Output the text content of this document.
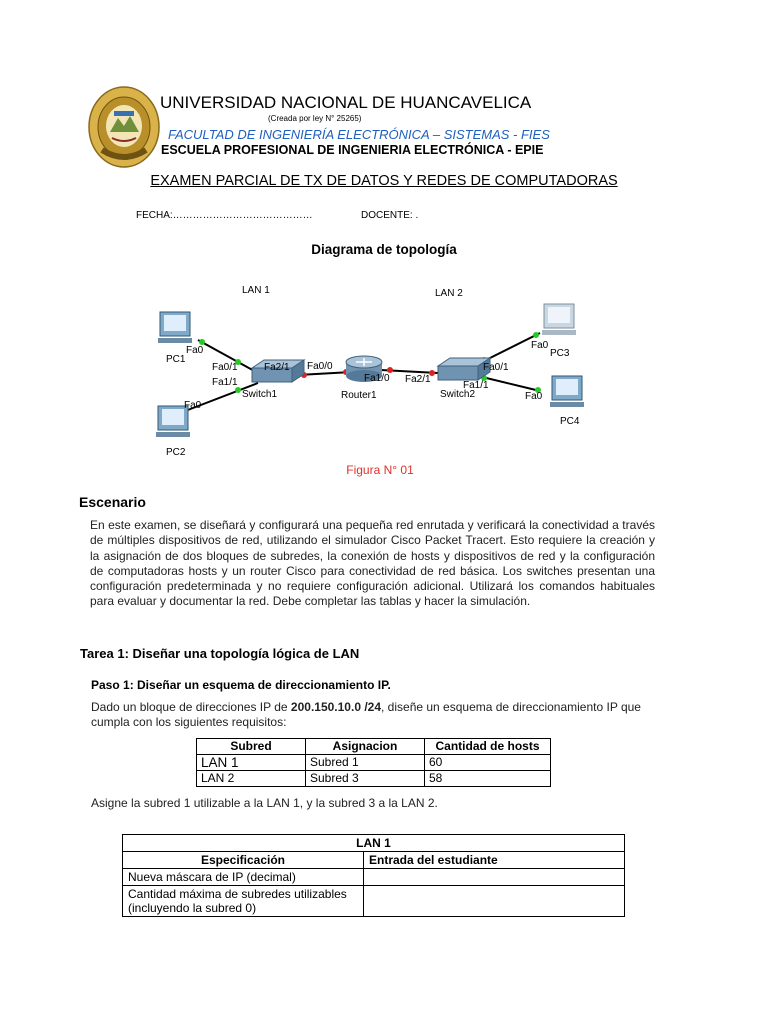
UNIVERSIDAD NACIONAL DE HUANCAVELICA
(Creada por ley N° 25265)
FACULTAD DE INGENIERÍA ELECTRÓNICA – SISTEMAS - FIES
ESCUELA PROFESIONAL DE INGENIERIA ELECTRÓNICA - EPIE
EXAMEN PARCIAL DE TX DE DATOS Y REDES DE COMPUTADORAS
FECHA:……………………………………	DOCENTE: .
Diagrama de topología
LAN 1	LAN 2
PC1
PC2
PC3
PC4
Switch1	Switch2
Router1
Fa0
Fa0/1
Fa1/1
Fa0
Fa2/1 Fa0/0
Fa1/0 Fa2/1
Fa0/1
Fa1/1
Fa0
Fa0
Figura N° 01
Escenario
En este examen, se diseñará y configurará una pequeña red enrutada y verificará la conectividad a través de múltiples dispositivos de red, utilizando el simulador Cisco Packet Tracert. Esto requiere la creación y la asignación de dos bloques de subredes, la conexión de hosts y dispositivos de red y la configuración de computadoras hosts y un router Cisco para conectividad de red básica. Los switches presentan una configuración predeterminada y no requiere configuración adicional. Utilizará los comandos habituales para evaluar y documentar la red. Debe completar las tablas y hacer la simulación.
Tarea 1: Diseñar una topología lógica de LAN
Paso 1: Diseñar un esquema de direccionamiento IP.
Dado un bloque de direcciones IP de 200.150.10.0 /24, diseñe un esquema de direccionamiento IP que cumpla con los siguientes requisitos:
Subred	Asignacion	Cantidad de hosts
LAN 1	Subred 1	60
LAN 2	Subred 3	58
Asigne la subred 1 utilizable a la LAN 1, y la subred 3 a la LAN 2.
LAN 1	
Especificación	Entrada del estudiante
Nueva máscara de IP (decimal)	
Cantidad máxima de subredes utilizables (incluyendo la subred 0)	
